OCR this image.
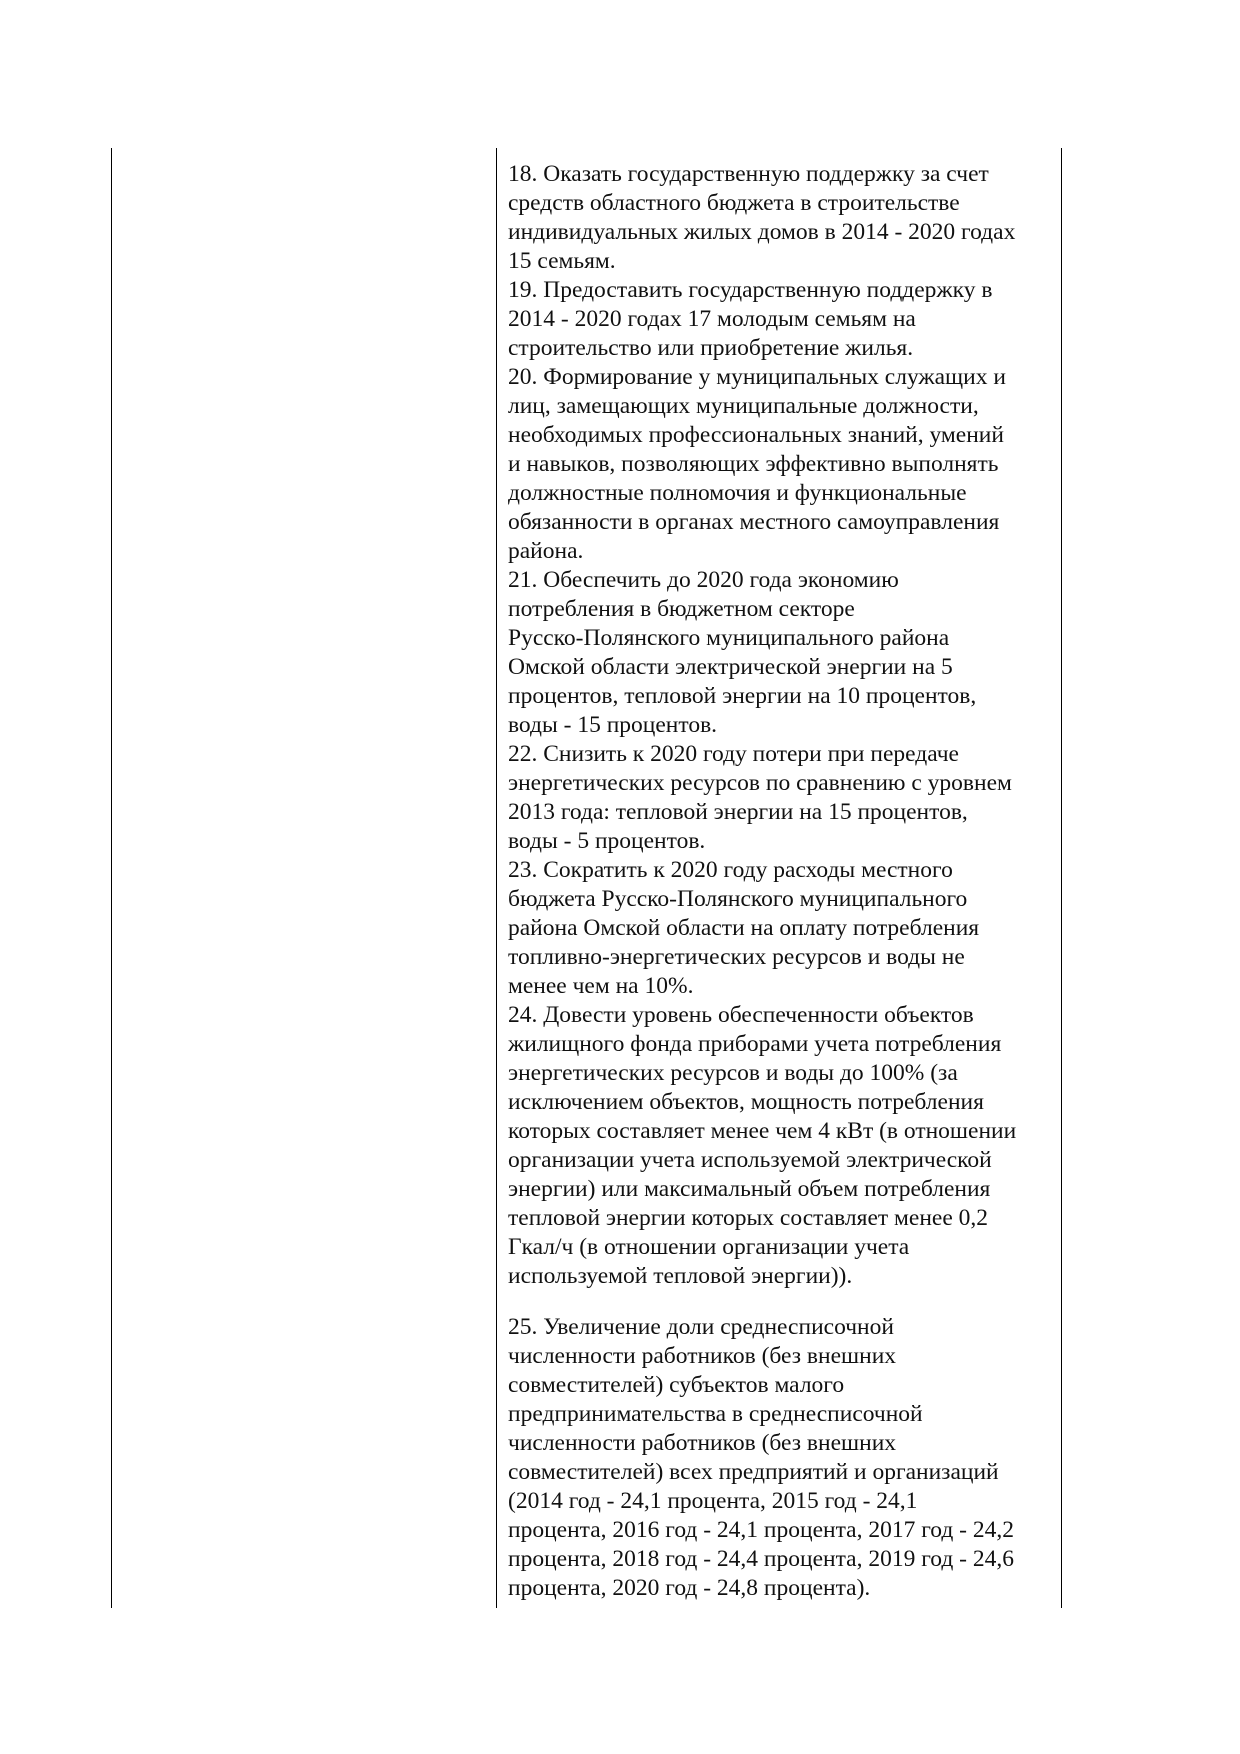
18. Оказать государственную поддержку за счет
средств областного бюджета в строительстве
индивидуальных жилых домов в 2014 - 2020 годах
15 семьям.
19. Предоставить государственную поддержку в
2014 - 2020 годах 17 молодым семьям на
строительство или приобретение жилья.
20. Формирование у муниципальных служащих и
лиц, замещающих муниципальные должности,
необходимых профессиональных знаний, умений
и навыков, позволяющих эффективно выполнять
должностные полномочия и функциональные
обязанности в органах местного самоуправления
района.
21. Обеспечить до 2020 года экономию
потребления в бюджетном секторе
Русско-Полянского муниципального района
Омской области электрической энергии на 5
процентов, тепловой энергии на 10 процентов,
воды - 15 процентов.
22. Снизить к 2020 году потери при передаче
энергетических ресурсов по сравнению с уровнем
2013 года: тепловой энергии на 15 процентов,
воды - 5 процентов.
23. Сократить к 2020 году расходы местного
бюджета Русско-Полянского муниципального
района Омской области на оплату потребления
топливно-энергетических ресурсов и воды не
менее чем на 10%.
24. Довести уровень обеспеченности объектов
жилищного фонда приборами учета потребления
энергетических ресурсов и воды до 100% (за
исключением объектов, мощность потребления
которых составляет менее чем 4 кВт (в отношении
организации учета используемой электрической
энергии) или максимальный объем потребления
тепловой энергии которых составляет менее 0,2
Гкал/ч (в отношении организации учета
используемой тепловой энергии)).
25. Увеличение доли среднесписочной
численности работников (без внешних
совместителей) субъектов малого
предпринимательства в среднесписочной
численности работников (без внешних
совместителей) всех предприятий и организаций
(2014 год - 24,1 процента, 2015 год - 24,1
процента, 2016 год - 24,1 процента, 2017 год - 24,2
процента, 2018 год - 24,4 процента, 2019 год - 24,6
процента, 2020 год - 24,8 процента).
